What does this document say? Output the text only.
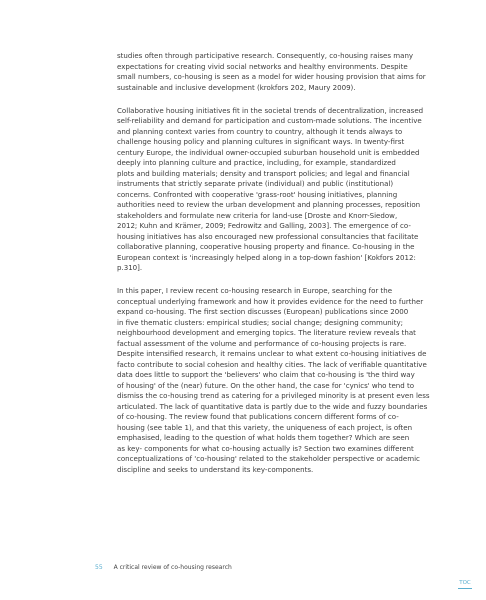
studies often through participative research. Consequently, co-housing raises many
expectations for creating vivid social networks and healthy environments. Despite
small numbers, co-housing is seen as a model for wider housing provision that aims for
sustainable and inclusive development (krokfors 202, Maury 2009).

Collaborative housing initiatives fit in the societal trends of decentralization, increased
self-reliability and demand for participation and custom-made solutions. The incentive
and planning context varies from country to country, although it tends always to
challenge housing policy and planning cultures in significant ways. In twenty-first
century Europe, the individual owner-occupied suburban household unit is embedded
deeply into planning culture and practice, including, for example, standardized
plots and building materials; density and transport policies; and legal and financial
instruments that strictly separate private (individual) and public (institutional)
concerns. Confronted with cooperative 'grass-root' housing initiatives, planning
authorities need to review the urban development and planning processes, reposition
stakeholders and formulate new criteria for land-use [Droste and Knorr-Siedow,
2012; Kuhn and Krämer, 2009; Fedrowitz and Galling, 2003]. The emergence of co-
housing initiatives has also encouraged new professional consultancies that facilitate
collaborative planning, cooperative housing property and finance. Co-housing in the
European context is 'increasingly helped along in a top-down fashion' [Kokfors 2012:
p.310].

In this paper, I review recent co-housing research in Europe, searching for the
conceptual underlying framework and how it provides evidence for the need to further
expand co-housing. The first section discusses (European) publications since 2000
in five thematic clusters: empirical studies; social change; designing community;
neighbourhood development and emerging topics. The literature review reveals that
factual assessment of the volume and performance of co-housing projects is rare.
Despite intensified research, it remains unclear to what extent co-housing initiatives de
facto contribute to social cohesion and healthy cities. The lack of verifiable quantitative
data does little to support the 'believers' who claim that co-housing is 'the third way
of housing' of the (near) future. On the other hand, the case for 'cynics' who tend to
dismiss the co-housing trend as catering for a privileged minority is at present even less
articulated. The lack of quantitative data is partly due to the wide and fuzzy boundaries
of co-housing. The review found that publications concern different forms of co-
housing (see table 1), and that this variety, the uniqueness of each project, is often
emphasised, leading to the question of what holds them together? Which are seen
as key- components for what co-housing actually is? Section two examines different
conceptualizations of 'co-housing' related to the stakeholder perspective or academic
discipline and seeks to understand its key-components.

55 A critical review of co-housing research
TOC
